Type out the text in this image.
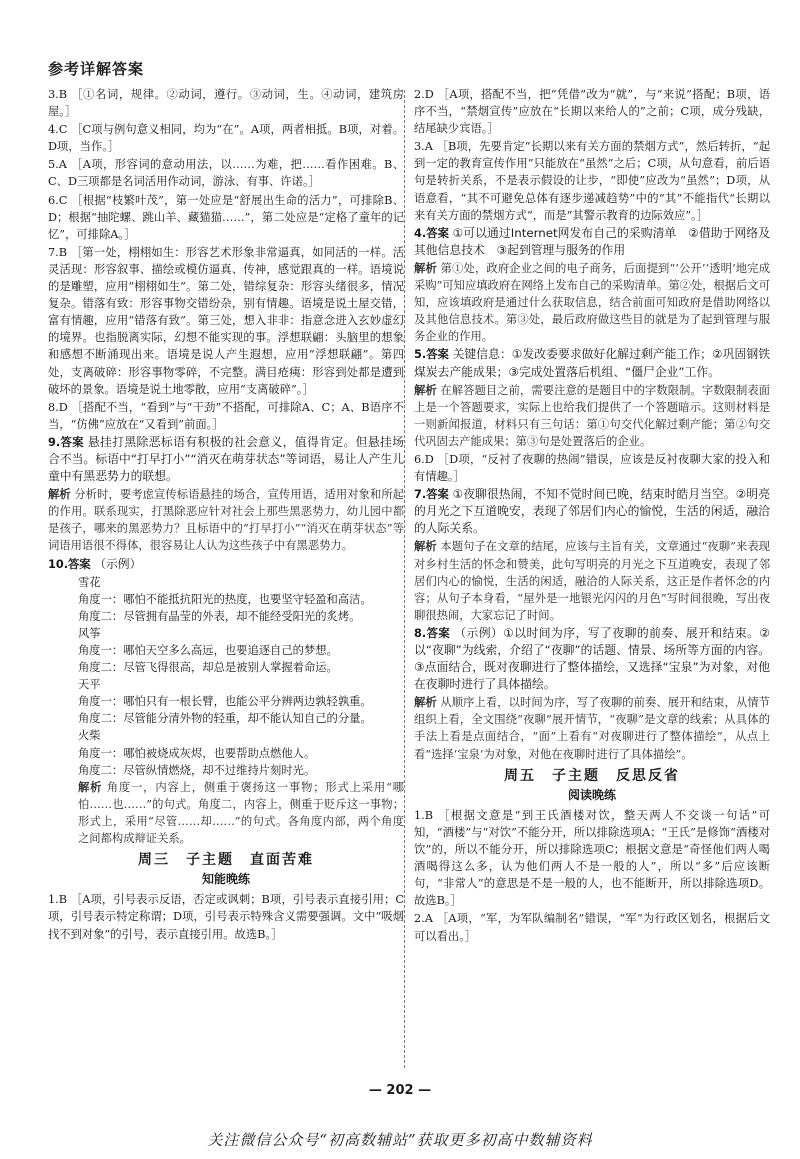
参考详解答案

3.B ［①名词，规律。②动词，遵行。③动词，生。④动词，建筑房屋。］

4.C ［C项与例句意义相同，均为“在”。A项，两者相抵。B项，对着。D项，当作。］

5.A ［A项，形容词的意动用法，以……为难，把……看作困难。B、C、D三项都是名词活用作动词，游泳、有事、许诺。］

6.C ［根据“枝繁叶茂”，第一处应是“舒展出生命的活力”，可排除B、D；根据“抽陀螺、跳山羊、藏猫猫……”，第二处应是“定格了童年的记忆”，可排除A。］

7.B ［第一处，栩栩如生：形容艺术形象非常逼真，如同活的一样。活灵活现：形容叙事、描绘或模仿逼真、传神，感觉跟真的一样。语境说的是雕塑，应用“栩栩如生”。第二处，错综复杂：形容头绪很多，情况复杂。错落有致：形容事物交错纷杂，别有情趣。语境是说土屋交错，富有情趣，应用“错落有致”。第三处，想入非非：指意念进入玄妙虚幻的境界。也指脱离实际，幻想不能实现的事。浮想联翩：头脑里的想象和感想不断涌现出来。语境是说人产生遐想，应用“浮想联翩”。第四处，支离破碎：形容事物零碎，不完整。满目疮痍：形容到处都是遭到破坏的景象。语境是说土地零散，应用“支离破碎”。］

8.D ［搭配不当，“看到”与“干劲”不搭配，可排除A、C；A、B语序不当，“仿佛”应放在“又看到”前面。］

9.答案 悬挂打黑除恶标语有积极的社会意义，值得肯定。但悬挂场合不当。标语中“打早打小”“消灭在萌芽状态”等词语，易让人产生儿童中有黑恶势力的联想。

解析 分析时，要考虑宣传标语悬挂的场合，宣传用语，适用对象和所起的作用。联系现实，打黑除恶应针对社会上那些黑恶势力，幼儿园中都是孩子，哪来的黑恶势力？且标语中的“打早打小”“消灭在萌芽状态”等词语用语很不得体，很容易让人认为这些孩子中有黑恶势力。

10.答案 （示例）

雪花
角度一：哪怕不能抵抗阳光的热度，也要坚守轻盈和高洁。
角度二：尽管拥有晶莹的外表，却不能经受阳光的炙烤。
风筝
角度一：哪怕天空多么高远，也要追逐自己的梦想。
角度二：尽管飞得很高，却总是被别人掌握着命运。
天平
角度一：哪怕只有一根长臂，也能公平分辨两边孰轻孰重。
角度二：尽管能分清外物的轻重，却不能认知自己的分量。
火柴
角度一：哪怕被烧成灰烬，也要帮助点燃他人。
角度二：尽管纵情燃烧，却不过维持片刻时光。

解析 角度一，内容上，侧重于褒扬这一事物；形式上采用“哪怕……也……”的句式。角度二，内容上，侧重于贬斥这一事物；形式上，采用“尽管……却……”的句式。各角度内部，两个角度之间都构成辩证关系。

周三　子主题　直面苦难
知能晚练

1.B ［A项，引号表示反语，否定或讽刺；B项，引号表示直接引用；C项，引号表示特定称谓；D项，引号表示特殊含义需要强调。文中“吸烟找不到对象”的引号，表示直接引用。故选B。］

2.D ［A项，搭配不当，把“凭借”改为“就”，与“来说”搭配；B项，语序不当，“禁烟宣传”应放在“长期以来给人的”之前；C项，成分残缺，结尾缺少宾语。］

3.A ［B项，先要肯定“长期以来有关方面的禁烟方式”，然后转折，“起到一定的教育宣传作用”只能放在“虽然”之后；C项，从句意看，前后语句是转折关系，不是表示假设的让步，“即使”应改为“虽然”；D项，从语意看，“其不可避免总体有逐步递减趋势”中的“其”不能指代“长期以来有关方面的禁烟方式”，而是“其警示教育的边际效应”。］

4.答案 ①可以通过Internet网发布自己的采购清单　②借助于网络及其他信息技术　③起到管理与服务的作用

解析 第①处，政府企业之间的电子商务，后面提到“‘公开’‘透明’地完成采购”可知应填政府在网络上发布自己的采购清单。第②处，根据后文可知，应该填政府是通过什么获取信息，结合前面可知政府是借助网络以及其他信息技术。第③处，最后政府做这些目的就是为了起到管理与服务企业的作用。

5.答案 关键信息：①发改委要求做好化解过剩产能工作；②巩固钢铁煤炭去产能成果；③完成处置落后机组、“僵尸企业”工作。

解析 在解答题目之前，需要注意的是题目中的字数限制。字数限制表面上是一个答题要求，实际上也给我们提供了一个答题暗示。这则材料是一则新闻报道，材料只有三句话：第①句交代化解过剩产能；第②句交代巩固去产能成果；第③句是处置落后的企业。

6.D ［D项，“反衬了夜聊的热闹”错误，应该是反衬夜聊大家的投入和有情趣。］

7.答案 ①夜聊很热闹，不知不觉时间已晚，结束时皓月当空。②明亮的月光之下互道晚安，表现了邻居们内心的愉悦，生活的闲适，融洽的人际关系。

解析 本题句子在文章的结尾，应该与主旨有关，文章通过“夜聊”来表现对乡村生活的怀念和赞美，此句写明亮的月光之下互道晚安，表现了邻居们内心的愉悦，生活的闲适，融洽的人际关系，这正是作者怀念的内容；从句子本身看，“屋外是一地银光闪闪的月色”写时间很晚，写出夜聊很热闹，大家忘记了时间。

8.答案 （示例）①以时间为序，写了夜聊的前奏、展开和结束。②以“夜聊”为线索，介绍了“夜聊”的话题、情景、场所等方面的内容。③点面结合，既对夜聊进行了整体描绘，又选择“宝泉”为对象，对他在夜聊时进行了具体描绘。

解析 从顺序上看，以时间为序，写了夜聊的前奏、展开和结束，从情节组织上看，全文围绕“夜聊”展开情节，“夜聊”是文章的线索；从具体的手法上看是点面结合，“面”上看有“对夜聊进行了整体描绘”，从点上看“选择‘宝泉’为对象，对他在夜聊时进行了具体描绘”。

周五　子主题　反思反省
阅读晚练

1.B ［根据文意是“到王氏酒楼对饮，整天两人不交谈一句话”可知，“酒楼”与“对饮”不能分开，所以排除选项A；“王氏”是修饰“酒楼对饮”的，所以不能分开，所以排除选项C；根据文意是“奇怪他们两人喝酒喝得这么多，认为他们两人不是一般的人”，所以“多”后应该断句，“非常人”的意思是不是一般的人，也不能断开，所以排除选项D。故选B。］

2.A ［A项，“军，为军队编制名”错误，“军”为行政区划名，根据后文可以看出。］

— 202 —
关注微信公众号“初高数辅站”获取更多初高中数辅资料
